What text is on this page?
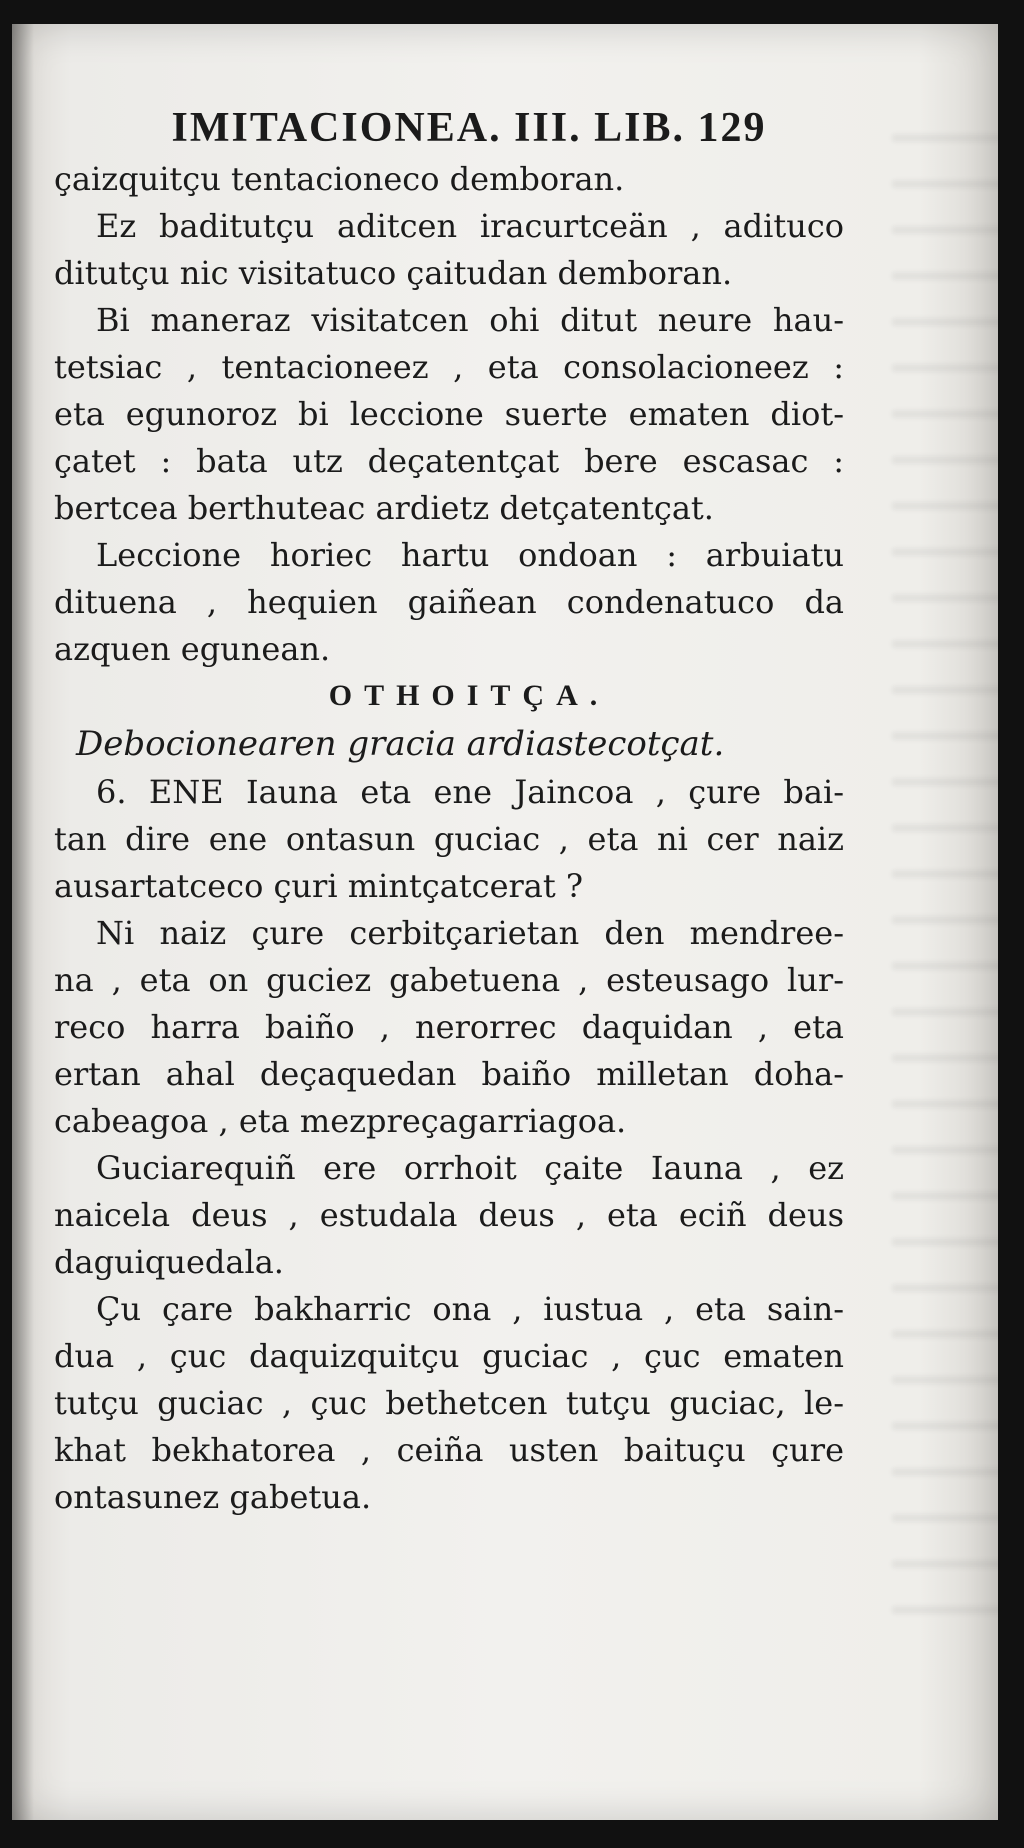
IMITACIONEA. III. LIB. 129
çaizquitçu tentacioneco demboran.
Ez baditutçu aditcen iracurtceän , adituco
ditutçu nic visitatuco çaitudan demboran.
Bi maneraz visitatcen ohi ditut neure hau-
tetsiac , tentacioneez , eta consolacioneez :
eta egunoroz bi leccione suerte ematen diot-
çatet : bata utz deçatentçat bere escasac :
bertcea berthuteac ardietz detçatentçat.
Leccione horiec hartu ondoan : arbuiatu
dituena , hequien gaiñean condenatuco da
azquen egunean.
OTHOITÇA.
Debocionearen gracia ardiastecotçat.
6. ENE Iauna eta ene Jaincoa , çure bai-
tan dire ene ontasun guciac , eta ni cer naiz
ausartatceco çuri mintçatcerat ?
Ni naiz çure cerbitçarietan den mendree-
na , eta on guciez gabetuena , esteusago lur-
reco harra baiño , nerorrec daquidan , eta
ertan ahal deçaquedan baiño milletan doha-
cabeagoa , eta mezpreçagarriagoa.
Guciarequiñ ere orrhoit çaite Iauna , ez
naicela deus , estudala deus , eta eciñ deus
daguiquedala.
Çu çare bakharric ona , iustua , eta sain-
dua , çuc daquizquitçu guciac , çuc ematen
tutçu guciac , çuc bethetcen tutçu guciac, le-
khat bekhatorea , ceiña usten baituçu çure
ontasunez gabetua.
